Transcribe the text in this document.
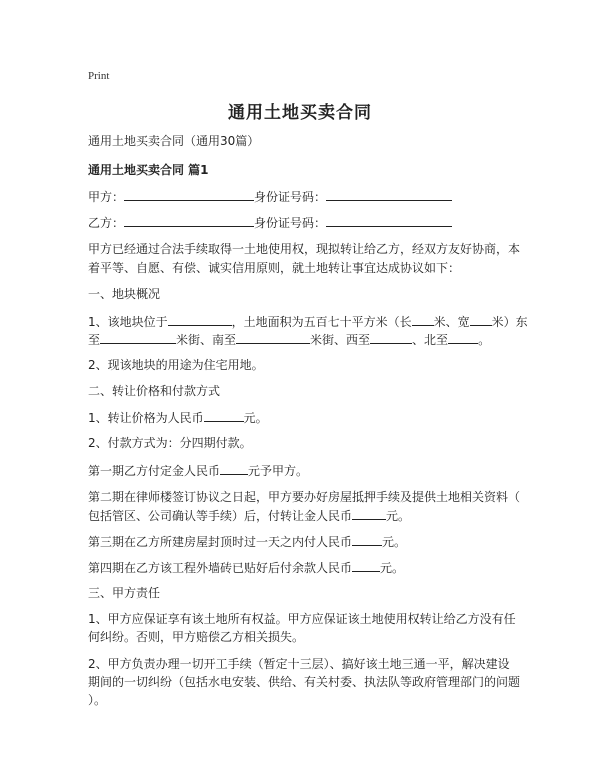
Print
通用土地买卖合同
通用土地买卖合同（通用30篇）
通用土地买卖合同 篇1
甲方：	身份证号码：
乙方：	身份证号码：
甲方已经通过合法手续取得一土地使用权，现拟转让给乙方，经双方友好协商，本
着平等、自愿、有偿、诚实信用原则，就土地转让事宜达成协议如下：
一、地块概况
1、该地块位于	，土地面积为五百七十平方米（长 米、宽 米）东
至	米街、南至	米街、西至	、北至	。
2、现该地块的用途为住宅用地。
二、转让价格和付款方式
1、转让价格为人民币	元。
2、付款方式为：分四期付款。
第一期乙方付定金人民币 元予甲方。
第二期在律师楼签订协议之日起，甲方要办好房屋抵押手续及提供土地相关资料（
包括管区、公司确认等手续）后，付转让金人民币	元。
第三期在乙方所建房屋封顶时过一天之内付人民币	元。
第四期在乙方该工程外墙砖已贴好后付余款人民币 元。
三、甲方责任
1、甲方应保证享有该土地所有权益。甲方应保证该土地使用权转让给乙方没有任
何纠纷。否则，甲方赔偿乙方相关损失。
2、甲方负责办理一切开工手续（暂定十三层）、搞好该土地三通一平，解决建设
期间的一切纠纷（包括水电安装、供给、有关村委、执法队等政府管理部门的问题
）。
